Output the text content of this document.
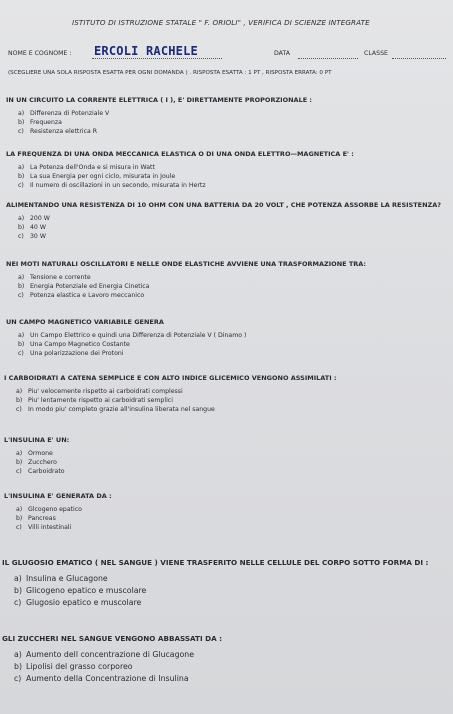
ISTITUTO DI ISTRUZIONE STATALE " F. ORIOLI" , VERIFICA DI SCIENZE INTEGRATE
NOME E COGNOME : ERCOLI RACHELE	DATA	CLASSE
(SCEGLIERE UNA SOLA RISPOSTA ESATTA PER OGNI DOMANDA ) . RISPOSTA ESATTA : 1 PT , RISPOSTA ERRATA: 0 PT
IN UN CIRCUITO LA CORRENTE ELETTRICA ( I ), E' DIRETTAMENTE PROPORZIONALE :
a) Differenza di Potenziale V
b) Frequenza
c) Resistenza elettrica R
LA FREQUENZA DI UNA ONDA MECCANICA ELASTICA O DI UNA ONDA ELETTRO—MAGNETICA E' :
a) La Potenza dell'Onda e si misura in Watt
b) La sua Energia per ogni ciclo, misurata in Joule
c) Il numero di oscillazioni in un secondo, misurata in Hertz
ALIMENTANDO UNA RESISTENZA DI 10 OHM CON UNA BATTERIA DA 20 VOLT , CHE POTENZA ASSORBE LA RESISTENZA?
a) 200 W
b) 40 W
c) 30 W
NEI MOTI NATURALI OSCILLATORI E NELLE ONDE ELASTICHE AVVIENE UNA TRASFORMAZIONE TRA:
a) Tensione e corrente
b) Energia Potenziale ed Energia Cinetica
c) Potenza elastica e Lavoro meccanico
UN CAMPO MAGNETICO VARIABILE GENERA
a) Un Campo Elettrico e quindi una Differenza di Potenziale V ( Dinamo )
b) Una Campo Magnetico Costante
c) Una polarizzazione dei Protoni
I CARBOIDRATI A CATENA SEMPLICE E CON ALTO INDICE GLICEMICO VENGONO ASSIMILATI :
a) Piu' velocemente rispetto ai carboidrati complessi
b) Piu' lentamente rispetto ai carboidrati semplici
c) In modo piu' completo grazie all'insulina liberata nel sangue
L'INSULINA E' UN:
a) Ormone
b) Zucchero
c) Carboidrato
L'INSULINA E' GENERATA DA :
a) Glcogeno epatico
b) Pancreas
c) Villi intestinali
IL GLUGOSIO EMATICO ( NEL SANGUE ) VIENE TRASFERITO NELLE CELLULE DEL CORPO SOTTO FORMA DI :
a) Insulina e Glucagone
b) Glicogeno epatico e muscolare
c) Glugosio epatico e muscolare
GLI ZUCCHERI NEL SANGUE VENGONO ABBASSATI DA :
a) Aumento dell concentrazione di Glucagone
b) Lipolisi del grasso corporeo
c) Aumento della Concentrazione di Insulina
